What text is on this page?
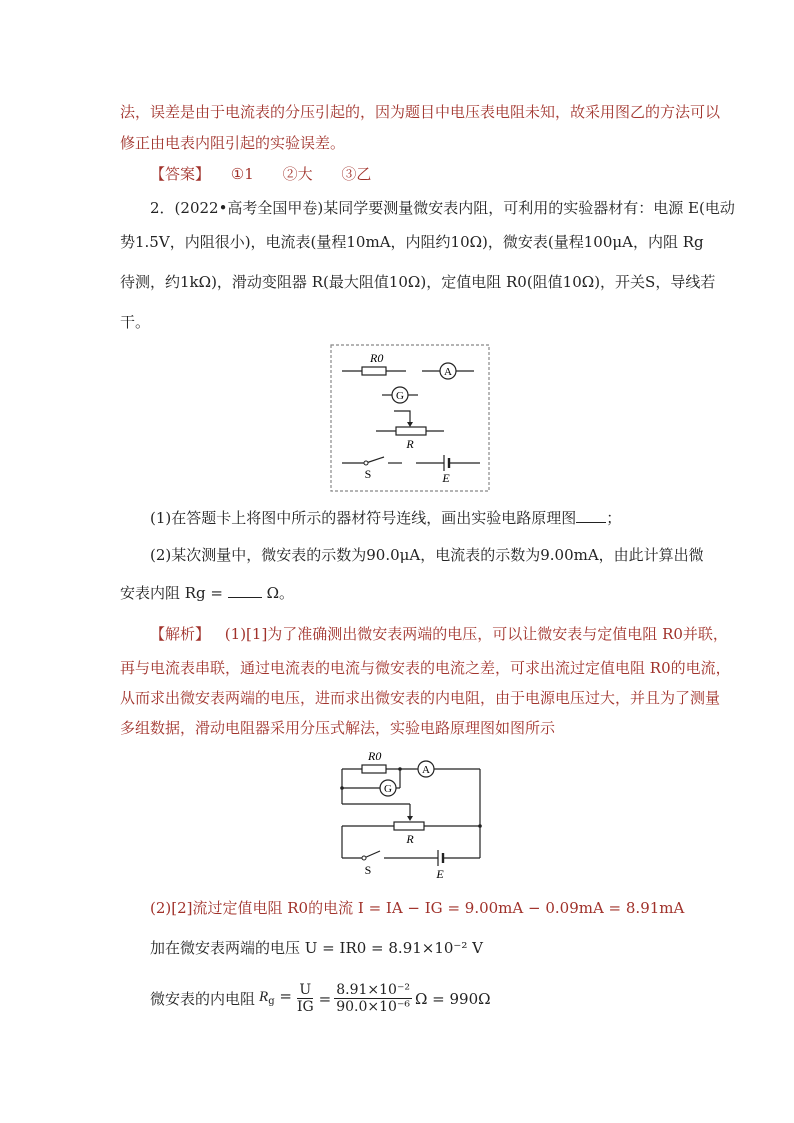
法，误差是由于电流表的分压引起的，因为题目中电压表电阻未知，故采用图乙的方法可以
修正由电表内阻引起的实验误差。
【答案】 ①1 ②大 ③乙
2．(2022•高考全国甲卷)某同学要测量微安表内阻，可利用的实验器材有：电源 E(电动
势1.5V，内阻很小)，电流表(量程10mA，内阻约10Ω)，微安表(量程100μA，内阻 Rg
待测，约1kΩ)，滑动变阻器 R(最大阻值10Ω)，定值电阻 R0(阻值10Ω)，开关S，导线若
干。
R0
A
G
R
S	E
(1)在答题卡上将图中所示的器材符号连线，画出实验电路原理图 ；
(2)某次测量中，微安表的示数为90.0μA，电流表的示数为9.00mA，由此计算出微
安表内阻 Rg =	Ω。
【解析】 (1)[1]为了准确测出微安表两端的电压，可以让微安表与定值电阻 R0并联，
再与电流表串联，通过电流表的电流与微安表的电流之差，可求出流过定值电阻 R0的电流，
从而求出微安表两端的电压，进而求出微安表的内电阻，由于电源电压过大，并且为了测量
多组数据，滑动电阻器采用分压式解法，实验电路原理图如图所示
R0
A
G
R
S	E
(2)[2]流过定值电阻 R0的电流 I = IA − IG = 9.00mA − 0.09mA = 8.91mA
加在微安表两端的电压 U = IR0 = 8.91×10⁻² V
微安表的内电阻 $R_g = \frac{U}{IG} = \frac{\text{8.91×10⁻²}}{\text{90.0×10⁻⁶}}$ Ω = 990Ω
